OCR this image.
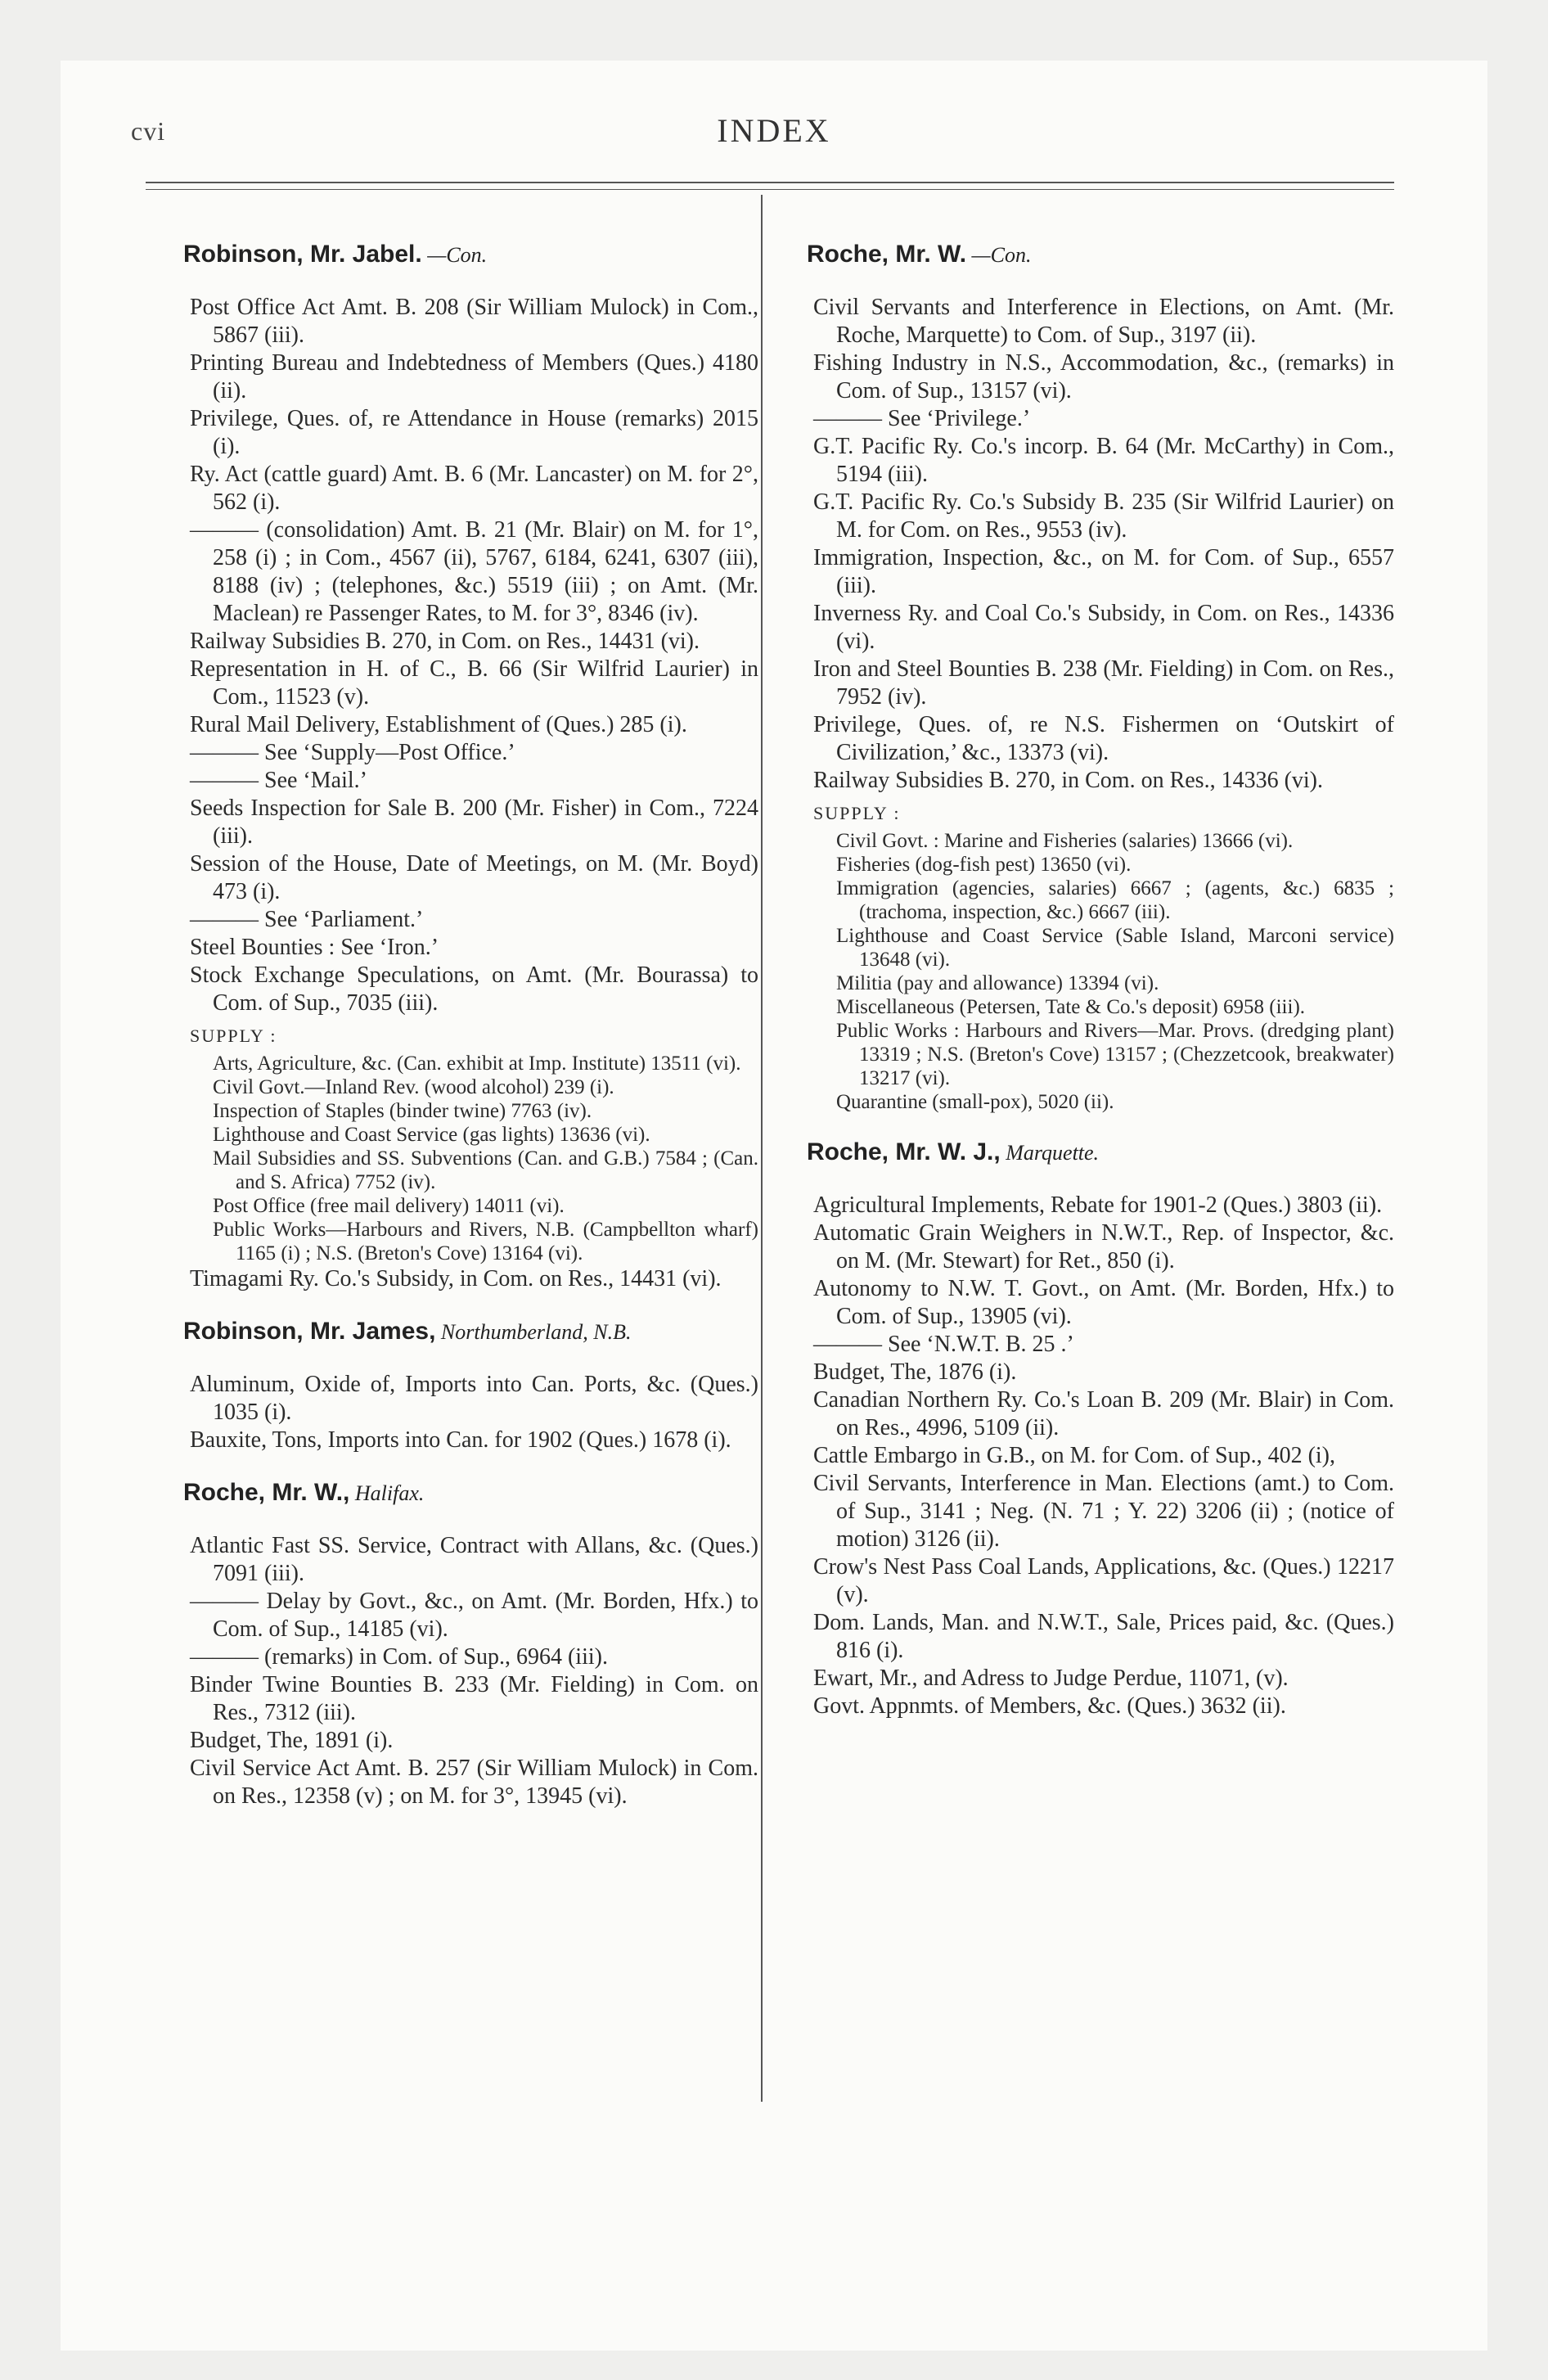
cvi	INDEX

Robinson, Mr. Jabel. —Con.

Post Office Act Amt. B. 208 (Sir William Mulock) in Com., 5867 (iii).

Printing Bureau and Indebtedness of Members (Ques.) 4180 (ii).

Privilege, Ques. of, re Attendance in House (remarks) 2015 (i).

Ry. Act (cattle guard) Amt. B. 6 (Mr. Lancaster) on M. for 2°, 562 (i).

——— (consolidation) Amt. B. 21 (Mr. Blair) on M. for 1°, 258 (i) ; in Com., 4567 (ii), 5767, 6184, 6241, 6307 (iii), 8188 (iv) ; (telephones, &c.) 5519 (iii) ; on Amt. (Mr. Maclean) re Passenger Rates, to M. for 3°, 8346 (iv).

Railway Subsidies B. 270, in Com. on Res., 14431 (vi).

Representation in H. of C., B. 66 (Sir Wilfrid Laurier) in Com., 11523 (v).

Rural Mail Delivery, Establishment of (Ques.) 285 (i).

——— See ‘Supply—Post Office.’

——— See ‘Mail.’

Seeds Inspection for Sale B. 200 (Mr. Fisher) in Com., 7224 (iii).

Session of the House, Date of Meetings, on M. (Mr. Boyd) 473 (i).

——— See ‘Parliament.’

Steel Bounties : See ‘Iron.’

Stock Exchange Speculations, on Amt. (Mr. Bourassa) to Com. of Sup., 7035 (iii).

SUPPLY :

Arts, Agriculture, &c. (Can. exhibit at Imp. Institute) 13511 (vi).

Civil Govt.—Inland Rev. (wood alcohol) 239 (i).

Inspection of Staples (binder twine) 7763 (iv).

Lighthouse and Coast Service (gas lights) 13636 (vi).

Mail Subsidies and SS. Subventions (Can. and G.B.) 7584 ; (Can. and S. Africa) 7752 (iv).

Post Office (free mail delivery) 14011 (vi).

Public Works—Harbours and Rivers, N.B. (Campbellton wharf) 1165 (i) ; N.S. (Breton's Cove) 13164 (vi).

Timagami Ry. Co.'s Subsidy, in Com. on Res., 14431 (vi).

Robinson, Mr. James, Northumberland, N.B.

Aluminum, Oxide of, Imports into Can. Ports, &c. (Ques.) 1035 (i).

Bauxite, Tons, Imports into Can. for 1902 (Ques.) 1678 (i).

Roche, Mr. W., Halifax.

Atlantic Fast SS. Service, Contract with Allans, &c. (Ques.) 7091 (iii).

——— Delay by Govt., &c., on Amt. (Mr. Borden, Hfx.) to Com. of Sup., 14185 (vi).

——— (remarks) in Com. of Sup., 6964 (iii).

Binder Twine Bounties B. 233 (Mr. Fielding) in Com. on Res., 7312 (iii).

Budget, The, 1891 (i).

Civil Service Act Amt. B. 257 (Sir William Mulock) in Com. on Res., 12358 (v) ; on M. for 3°, 13945 (vi).

Roche, Mr. W. —Con.

Civil Servants and Interference in Elections, on Amt. (Mr. Roche, Marquette) to Com. of Sup., 3197 (ii).

Fishing Industry in N.S., Accommodation, &c., (remarks) in Com. of Sup., 13157 (vi).

——— See ‘Privilege.’

G.T. Pacific Ry. Co.'s incorp. B. 64 (Mr. McCarthy) in Com., 5194 (iii).

G.T. Pacific Ry. Co.'s Subsidy B. 235 (Sir Wilfrid Laurier) on M. for Com. on Res., 9553 (iv).

Immigration, Inspection, &c., on M. for Com. of Sup., 6557 (iii).

Inverness Ry. and Coal Co.'s Subsidy, in Com. on Res., 14336 (vi).

Iron and Steel Bounties B. 238 (Mr. Fielding) in Com. on Res., 7952 (iv).

Privilege, Ques. of, re N.S. Fishermen on ‘Outskirt of Civilization,’ &c., 13373 (vi).

Railway Subsidies B. 270, in Com. on Res., 14336 (vi).

SUPPLY :

Civil Govt. : Marine and Fisheries (salaries) 13666 (vi).

Fisheries (dog-fish pest) 13650 (vi).

Immigration (agencies, salaries) 6667 ; (agents, &c.) 6835 ; (trachoma, inspection, &c.) 6667 (iii).

Lighthouse and Coast Service (Sable Island, Marconi service) 13648 (vi).

Militia (pay and allowance) 13394 (vi).

Miscellaneous (Petersen, Tate & Co.'s deposit) 6958 (iii).

Public Works : Harbours and Rivers—Mar. Provs. (dredging plant) 13319 ; N.S. (Breton's Cove) 13157 ; (Chezzetcook, breakwater) 13217 (vi).

Quarantine (small-pox), 5020 (ii).

Roche, Mr. W. J., Marquette.

Agricultural Implements, Rebate for 1901-2 (Ques.) 3803 (ii).

Automatic Grain Weighers in N.W.T., Rep. of Inspector, &c. on M. (Mr. Stewart) for Ret., 850 (i).

Autonomy to N.W. T. Govt., on Amt. (Mr. Borden, Hfx.) to Com. of Sup., 13905 (vi).

——— See ‘N.W.T. B. 25 .’

Budget, The, 1876 (i).

Canadian Northern Ry. Co.'s Loan B. 209 (Mr. Blair) in Com. on Res., 4996, 5109 (ii).

Cattle Embargo in G.B., on M. for Com. of Sup., 402 (i),

Civil Servants, Interference in Man. Elections (amt.) to Com. of Sup., 3141 ; Neg. (N. 71 ; Y. 22) 3206 (ii) ; (notice of motion) 3126 (ii).

Crow's Nest Pass Coal Lands, Applications, &c. (Ques.) 12217 (v).

Dom. Lands, Man. and N.W.T., Sale, Prices paid, &c. (Ques.) 816 (i).

Ewart, Mr., and Adress to Judge Perdue, 11071, (v).

Govt. Appnmts. of Members, &c. (Ques.) 3632 (ii).
